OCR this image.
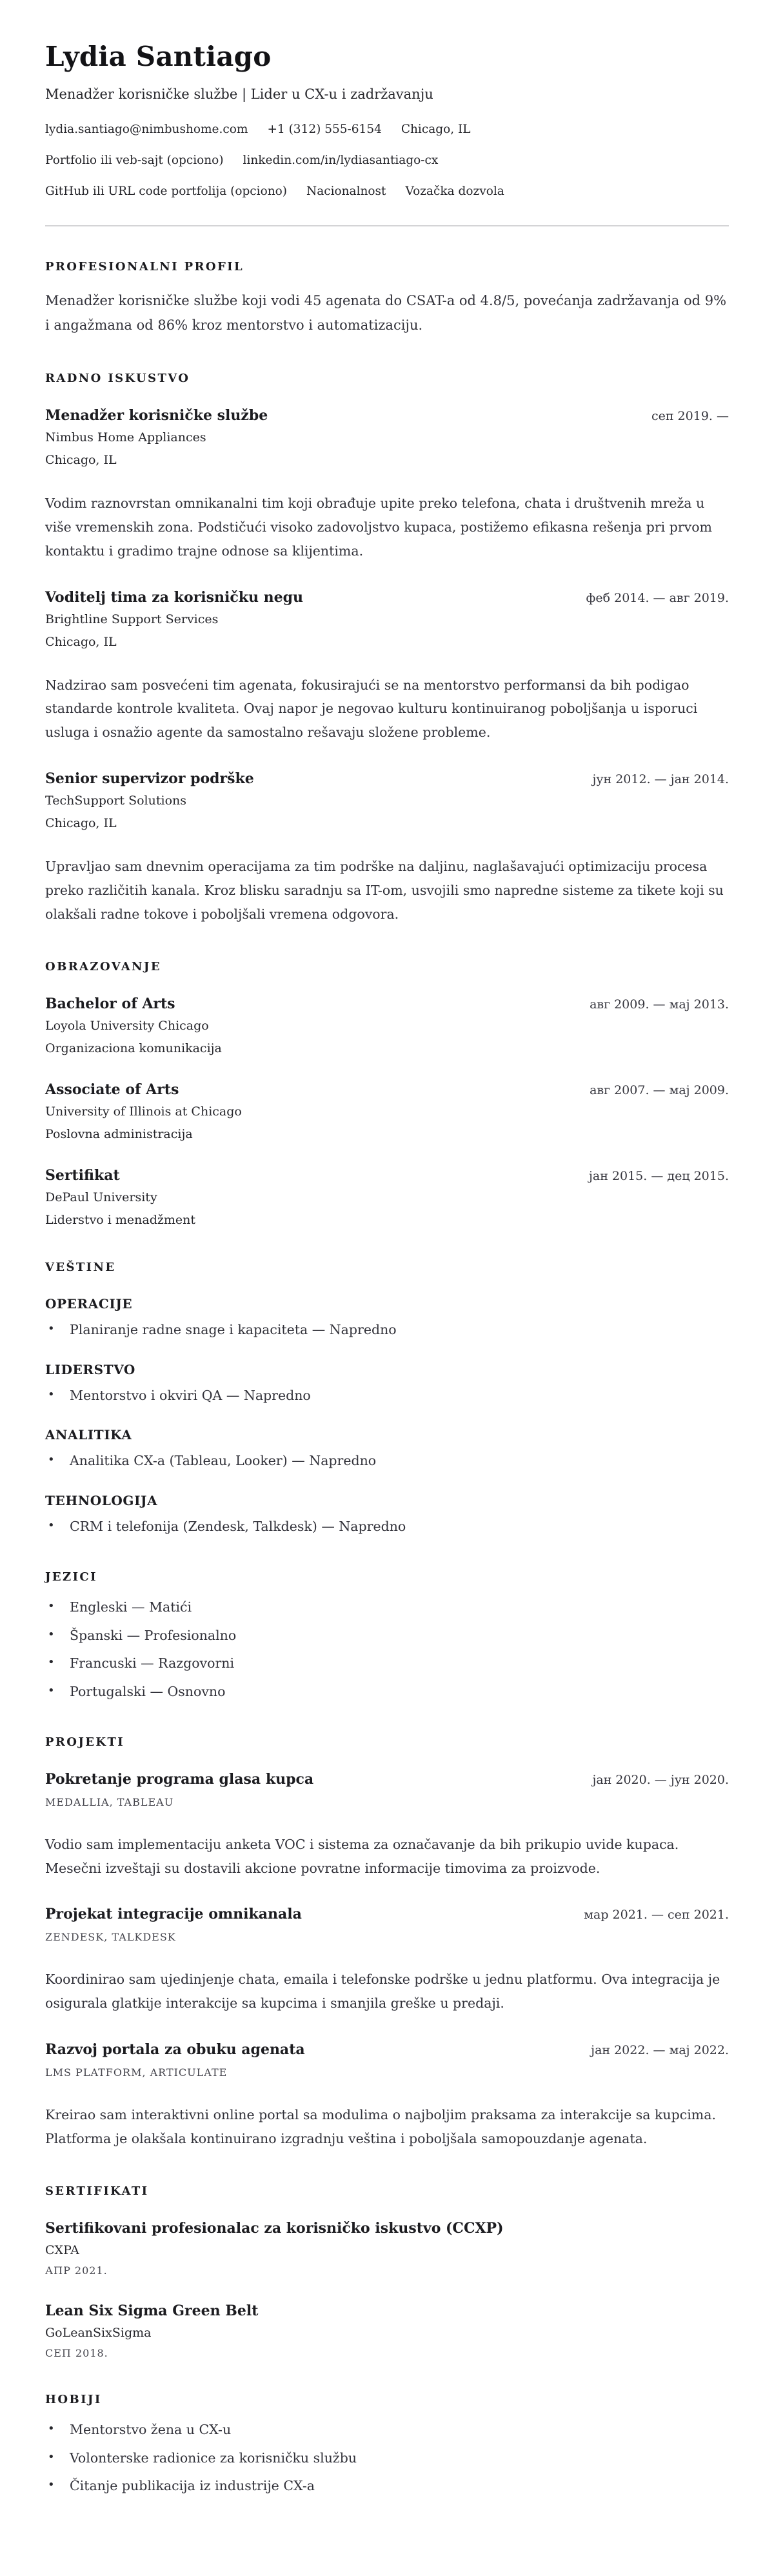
Lydia Santiago

Menadžer korisničke službe | Lider u CX-u i zadržavanju

lydia.santiago@nimbushome.com +1 (312) 555-6154 Chicago, IL
Portfolio ili veb-sajt (opciono) linkedin.com/in/lydiasantiago-cx
GitHub ili URL code portfolija (opciono) Nacionalnost Vozačka dozvola
PROFESIONALNI PROFIL

Menadžer korisničke službe koji vodi 45 agenata do CSAT-a od 4.8/5, povećanja zadržavanja od 9% i angažmana od 86% kroz mentorstvo i automatizaciju.

RADNO ISKUSTVO
Menadžer korisničke službe	сеп 2019. —

Nimbus Home Appliances

Chicago, IL

Vodim raznovrstan omnikanalni tim koji obrađuje upite preko telefona, chata i društvenih mreža u više vremenskih zona. Podstičući visoko zadovoljstvo kupaca, postižemo efikasna rešenja pri prvom kontaktu i gradimo trajne odnose sa klijentima.

Voditelj tima za korisničku negu	феб 2014. — авг 2019.

Brightline Support Services

Chicago, IL

Nadzirao sam posvećeni tim agenata, fokusirajući se na mentorstvo performansi da bih podigao standarde kontrole kvaliteta. Ovaj napor je negovao kulturu kontinuiranog poboljšanja u isporuci usluga i osnažio agente da samostalno rešavaju složene probleme.

Senior supervizor podrške	јун 2012. — јан 2014.

TechSupport Solutions

Chicago, IL

Upravljao sam dnevnim operacijama za tim podrške na daljinu, naglašavajući optimizaciju procesa preko različitih kanala. Kroz blisku saradnju sa IT-om, usvojili smo napredne sisteme za tikete koji su olakšali radne tokove i poboljšali vremena odgovora.

OBRAZOVANJE
Bachelor of Arts	авг 2009. — мај 2013.

Loyola University Chicago

Organizaciona komunikacija

Associate of Arts	авг 2007. — мај 2009.

University of Illinois at Chicago

Poslovna administracija

Sertifikat	јан 2015. — дец 2015.

DePaul University

Liderstvo i menadžment

VEŠTINE
OPERACIJE
• Planiranje radne snage i kapaciteta — Napredno
LIDERSTVO
• Mentorstvo i okviri QA — Napredno
ANALITIKA
• Analitika CX-a (Tableau, Looker) — Napredno
TEHNOLOGIJA
• CRM i telefonija (Zendesk, Talkdesk) — Napredno
JEZICI
• Engleski — Matići
• Španski — Profesionalno
• Francuski — Razgovorni
• Portugalski — Osnovno
PROJEKTI
Pokretanje programa glasa kupca	јан 2020. — јун 2020.

MEDALLIA, TABLEAU

Vodio sam implementaciju anketa VOC i sistema za označavanje da bih prikupio uvide kupaca. Mesečni izveštaji su dostavili akcione povratne informacije timovima za proizvode.

Projekat integracije omnikanala	мар 2021. — сеп 2021.

ZENDESK, TALKDESK

Koordinirao sam ujedinjenje chata, emaila i telefonske podrške u jednu platformu. Ova integracija je osigurala glatkije interakcije sa kupcima i smanjila greške u predaji.

Razvoj portala za obuku agenata	јан 2022. — мај 2022.

LMS PLATFORM, ARTICULATE

Kreirao sam interaktivni online portal sa modulima o najboljim praksama za interakcije sa kupcima. Platforma je olakšala kontinuirano izgradnju veština i poboljšala samopouzdanje agenata.

SERTIFIKATI
Sertifikovani profesionalac za korisničko iskustvo (CCXP)

CXPA

АПР 2021.

Lean Six Sigma Green Belt

GoLeanSixSigma

СЕП 2018.

HOBIJI
• Mentorstvo žena u CX-u
• Volonterske radionice za korisničku službu
• Čitanje publikacija iz industrije CX-a
